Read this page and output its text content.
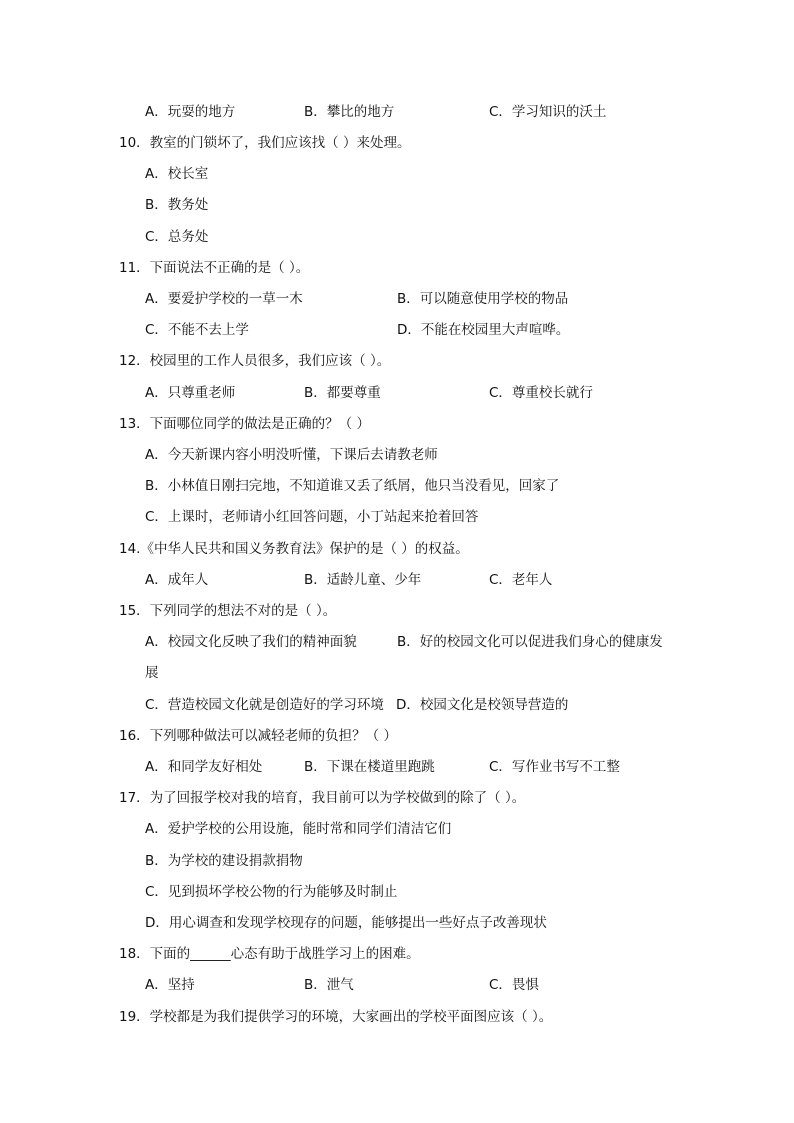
A．玩耍的地方	B．攀比的地方	C．学习知识的沃土
10．教室的门锁坏了，我们应该找（ ）来处理。
A．校长室
B．教务处
C．总务处
11．下面说法不正确的是（ ）。
A．要爱护学校的一草一木	B．可以随意使用学校的物品
C．不能不去上学	D．不能在校园里大声喧哗。
12．校园里的工作人员很多，我们应该（ ）。
A．只尊重老师	B．都要尊重	C．尊重校长就行
13．下面哪位同学的做法是正确的？（ ）
A．今天新课内容小明没听懂，下课后去请教老师
B．小林值日刚扫完地，不知道谁又丢了纸屑，他只当没看见，回家了
C．上课时，老师请小红回答问题，小丁站起来抢着回答
14.《中华人民共和国义务教育法》保护的是（ ）的权益。
A．成年人	B．适龄儿童、少年	C．老年人
15．下列同学的想法不对的是（ ）。
A．校园文化反映了我们的精神面貌	B．好的校园文化可以促进我们身心的健康发
展
C．营造校园文化就是创造好的学习环境 D．校园文化是校领导营造的
16．下列哪种做法可以减轻老师的负担？（ ）
A．和同学友好相处	B．下课在楼道里跑跳	C．写作业书写不工整
17．为了回报学校对我的培育，我目前可以为学校做到的除了（ ）。
A．爱护学校的公用设施，能时常和同学们清洁它们
B．为学校的建设捐款捐物
C．见到损坏学校公物的行为能够及时制止
D．用心调查和发现学校现存的问题，能够提出一些好点子改善现状
18．下面的______心态有助于战胜学习上的困难。
A．坚持	B．泄气	C．畏惧
19．学校都是为我们提供学习的环境，大家画出的学校平面图应该（ ）。
